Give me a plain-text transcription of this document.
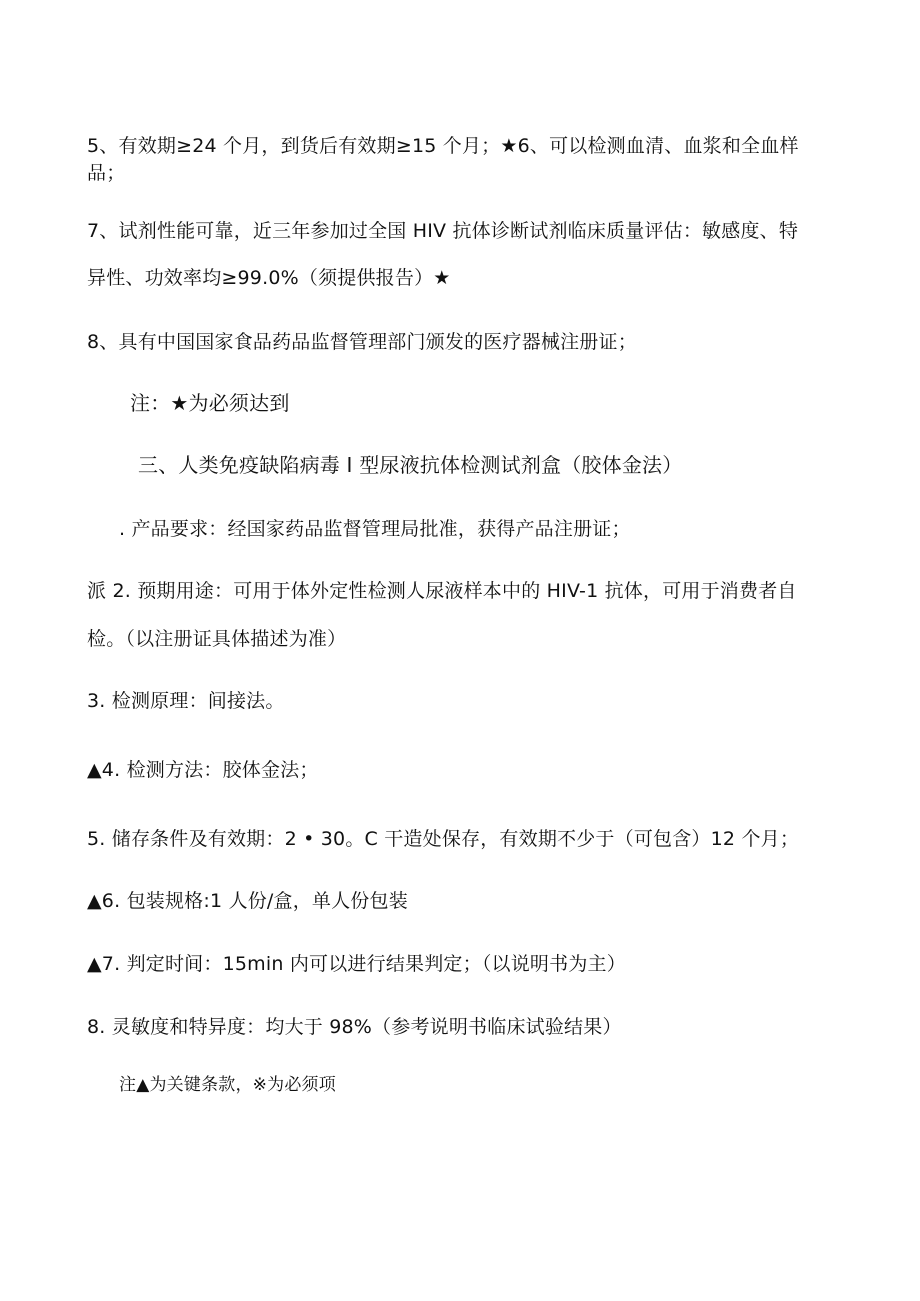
5、有效期≥24 个月，到货后有效期≥15 个月；★6、可以检测血清、血浆和全血样
品；
7、试剂性能可靠，近三年参加过全国 HIV 抗体诊断试剂临床质量评估：敏感度、特
异性、功效率均≥99.0%（须提供报告）★
8、具有中国国家食品药品监督管理部门颁发的医疗器械注册证；
注：★为必须达到
三、人类免疫缺陷病毒 Ⅰ 型尿液抗体检测试剂盒（胶体金法）
. 产品要求：经国家药品监督管理局批准，获得产品注册证；
派 2. 预期用途：可用于体外定性检测人尿液样本中的 HIV-1 抗体，可用于消费者自
检。（以注册证具体描述为准）
3. 检测原理：间接法。
▲4. 检测方法：胶体金法；
5. 储存条件及有效期：2 • 30。C 干造处保存，有效期不少于（可包含）12 个月；
▲6. 包装规格:1 人份/盒，单人份包装
▲7. 判定时间：15min 内可以进行结果判定；（以说明书为主）
8. 灵敏度和特异度：均大于 98%（参考说明书临床试验结果）
注▲为关键条款，※为必须项
